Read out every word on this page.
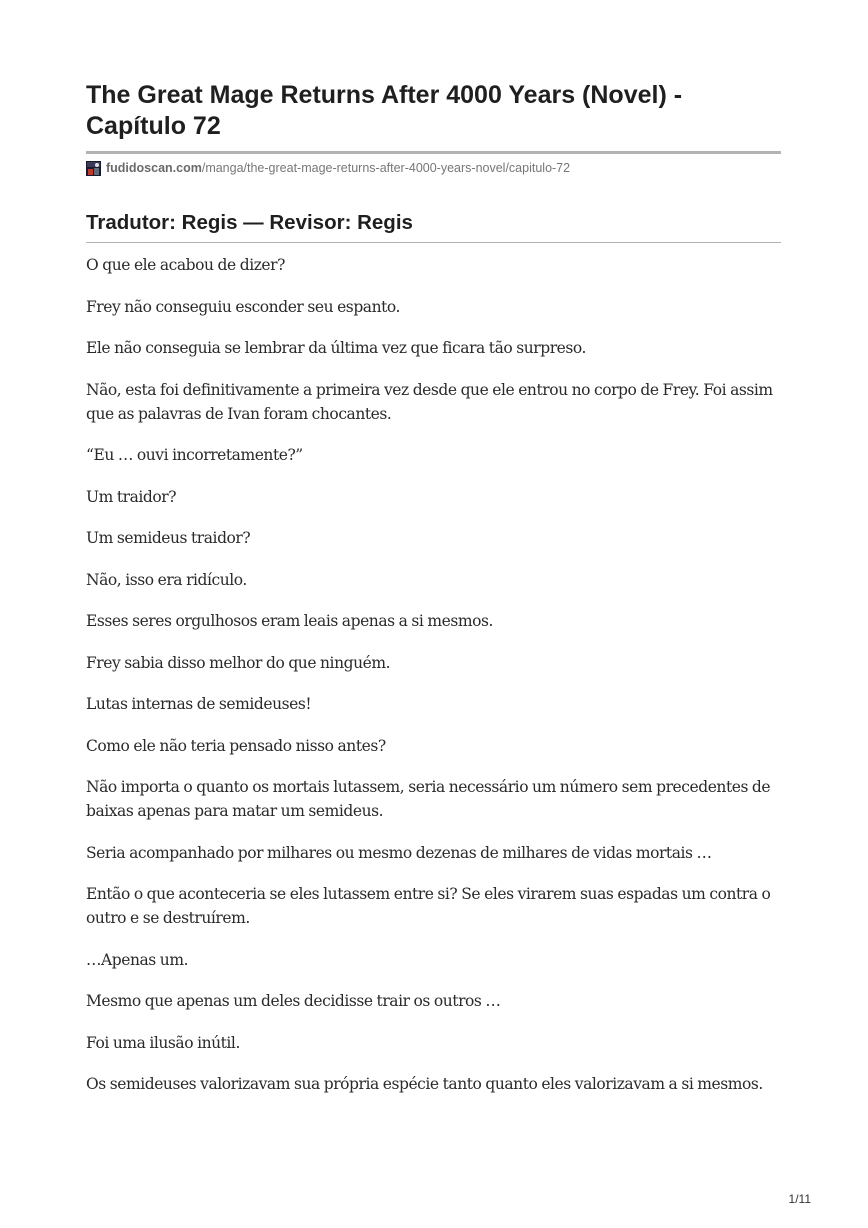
The Great Mage Returns After 4000 Years (Novel) - Capítulo 72
fudidoscan.com/manga/the-great-mage-returns-after-4000-years-novel/capitulo-72
Tradutor: Regis — Revisor: Regis

O que ele acabou de dizer?

Frey não conseguiu esconder seu espanto.

Ele não conseguia se lembrar da última vez que ficara tão surpreso.

Não, esta foi definitivamente a primeira vez desde que ele entrou no corpo de Frey. Foi assim que as palavras de Ivan foram chocantes.

“Eu … ouvi incorretamente?”

Um traidor?

Um semideus traidor?

Não, isso era ridículo.

Esses seres orgulhosos eram leais apenas a si mesmos.

Frey sabia disso melhor do que ninguém.

Lutas internas de semideuses!

Como ele não teria pensado nisso antes?

Não importa o quanto os mortais lutassem, seria necessário um número sem precedentes de baixas apenas para matar um semideus.

Seria acompanhado por milhares ou mesmo dezenas de milhares de vidas mortais …

Então o que aconteceria se eles lutassem entre si? Se eles virarem suas espadas um contra o outro e se destruírem.

…Apenas um.

Mesmo que apenas um deles decidisse trair os outros …

Foi uma ilusão inútil.

Os semideuses valorizavam sua própria espécie tanto quanto eles valorizavam a si mesmos.

1/11
